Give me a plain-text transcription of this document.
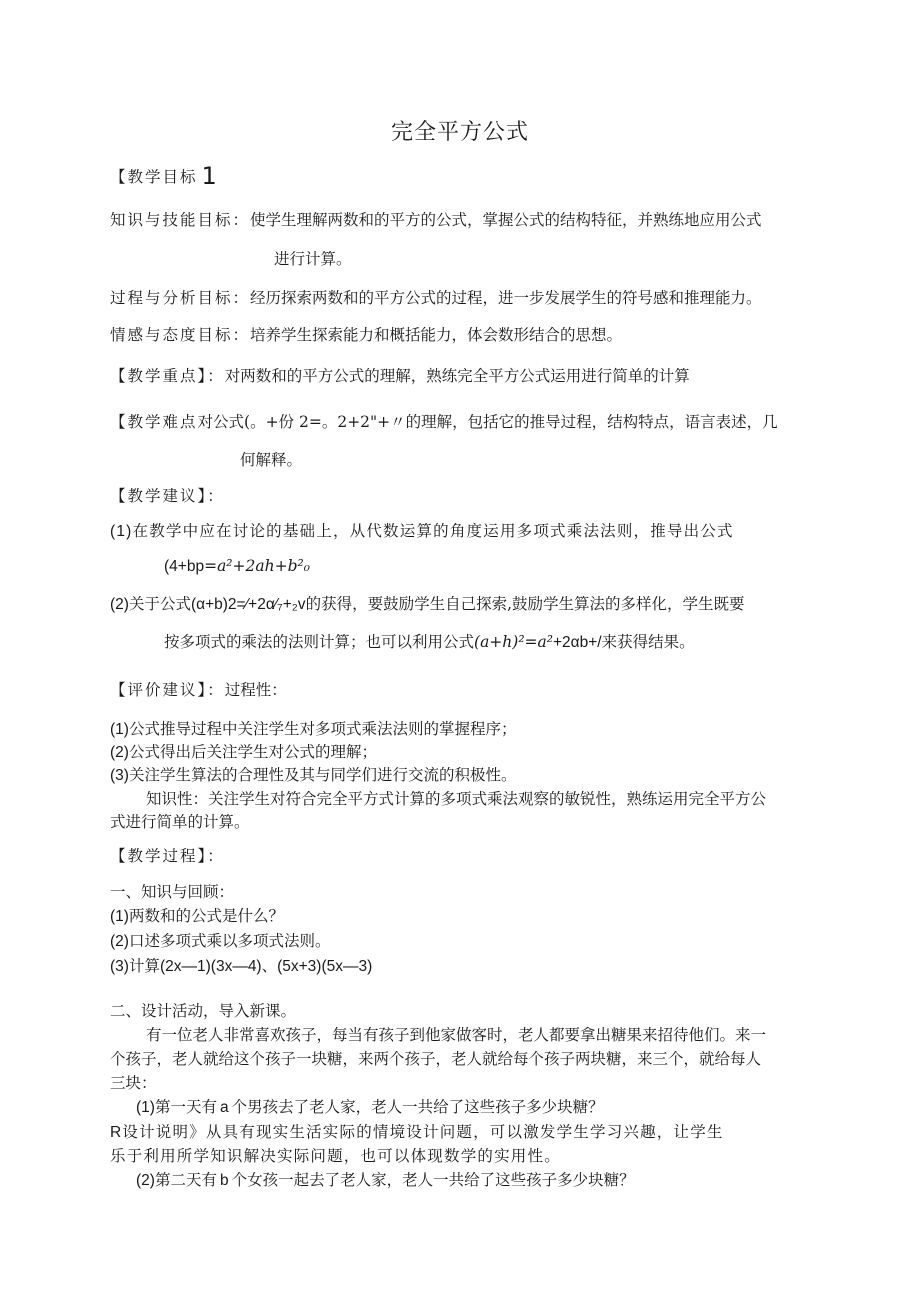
完全平方公式
【教学目标 1
知识与技能目标：使学生理解两数和的平方的公式，掌握公式的结构特征，并熟练地应用公式
进行计算。
过程与分析目标：经历探索两数和的平方公式的过程，进一步发展学生的符号感和推理能力。
情感与态度目标：培养学生探索能力和概括能力，体会数形结合的思想。
【教学重点】：对两数和的平方公式的理解，熟练完全平方公式运用进行简单的计算
【教学难点对公式(。+份 2=。2+2"+〃的理解，包括它的推导过程，结构特点，语言表述，几
何解释。
【教学建议】：
(1)在教学中应在讨论的基础上，从代数运算的角度运用多项式乘法法则，推导出公式
(4+bp=a²+2ah+b²₀
(2)关于公式(α+b)2=⁄+2α⁄₇+₂v的获得，要鼓励学生自己探索,鼓励学生算法的多样化，学生既要
按多项式的乘法的法则计算；也可以利用公式(a+h)²=a²+2αb+/来获得结果。
【评价建议】：过程性：
(1)公式推导过程中关注学生对多项式乘法法则的掌握程序；
(2)公式得出后关注学生对公式的理解；
(3)关注学生算法的合理性及其与同学们进行交流的积极性。
知识性：关注学生对符合完全平方式计算的多项式乘法观察的敏锐性，熟练运用完全平方公
式进行简单的计算。
【教学过程】：
一、知识与回顾：
(1)两数和的公式是什么？
(2)口述多项式乘以多项式法则。
(3)计算(2x—1)(3x—4)、(5x+3)(5x—3)
二、设计活动，导入新课。
有一位老人非常喜欢孩子，每当有孩子到他家做客时，老人都要拿出糖果来招待他们。来一
个孩子，老人就给这个孩子一块糖，来两个孩子，老人就给每个孩子两块糖，来三个，就给每人
三块：
(1)第一天有 a 个男孩去了老人家，老人一共给了这些孩子多少块糖？
R设计说明》从具有现实生活实际的情境设计问题，可以激发学生学习兴趣，让学生
乐于利用所学知识解决实际问题，也可以体现数学的实用性。
(2)第二天有 b 个女孩一起去了老人家，老人一共给了这些孩子多少块糖？
